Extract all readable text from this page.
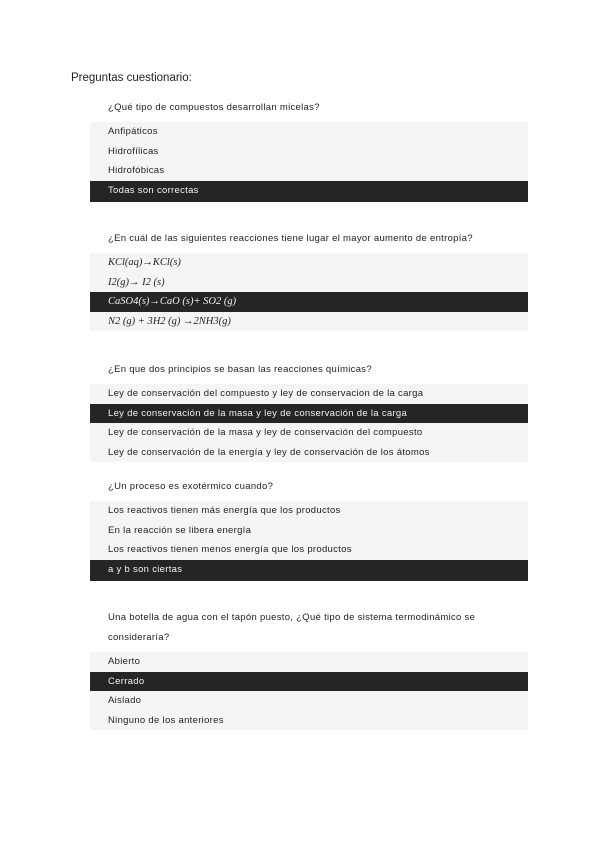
Preguntas cuestionario:
¿Qué tipo de compuestos desarrollan micelas?
Anfipáticos
Hidrofílicas
Hidrofóbicas
Todas son correctas
¿En cuál de las siguientes reacciones tiene lugar el mayor aumento de entropía?
KCl(aq)→KCl(s)
I2(g)→ I2 (s)
CaSO4(s)→CaO (s)+ SO2 (g)
N2 (g) + 3H2 (g) →2NH3(g)
¿En que dos principios se basan las reacciones químicas?
Ley de conservación del compuesto y ley de conservacion de la carga
Ley de conservación de la masa y ley de conservación de la carga
Ley de conservación de la masa y ley de conservación del compuesto
Ley de conservación de la energía y ley de conservación de los átomos
¿Un proceso es exotérmico cuando?
Los reactivos tienen más energía que los productos
En la reacción se libera energía
Los reactivos tienen menos energía que los productos
a y b son ciertas
Una botella de agua con el tapón puesto, ¿Qué tipo de sistema termodinámico se
consideraría?
Abierto
Cerrado
Aislado
Ninguno de los anteriores
